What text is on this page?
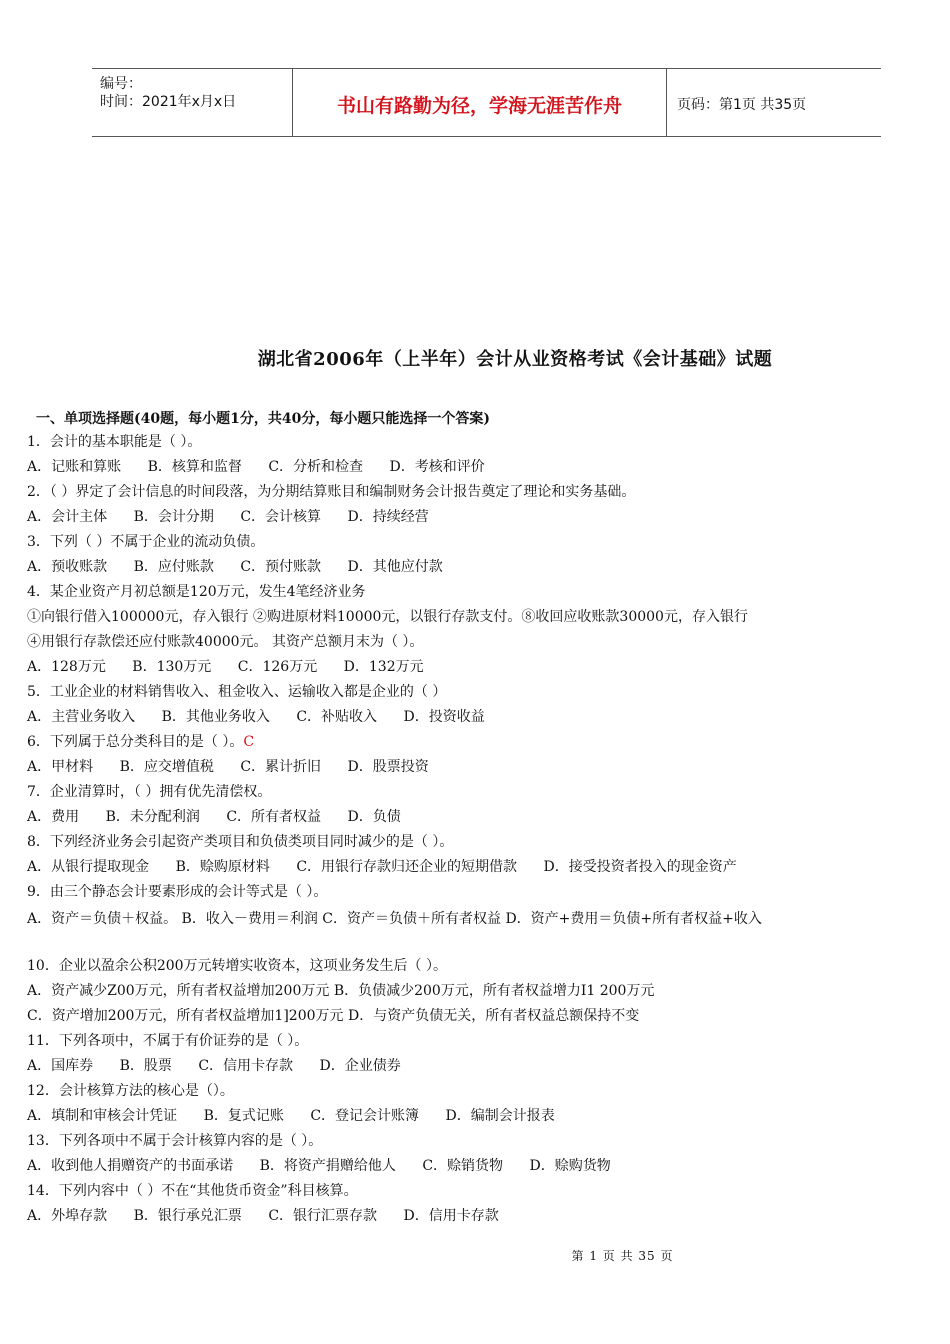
编号：
时间：2021年x月x日	书山有路勤为径，学海无涯苦作舟	页码：第1页 共35页
湖北省2006年（上半年）会计从业资格考试《会计基础》试题
一、单项选择题(40题，每小题1分，共40分，每小题只能选择一个答案)
1．会计的基本职能是（ ）。
A．记账和算账 B．核算和监督 C．分析和检查 D．考核和评价
2．（ ）界定了会计信息的时间段落，为分期结算账目和编制财务会计报告奠定了理论和实务基础。
A．会计主体 B．会计分期 C．会计核算 D．持续经营
3．下列（ ）不属于企业的流动负债。
A．预收账款 B．应付账款 C．预付账款 D．其他应付款
4．某企业资产月初总额是120万元，发生4笔经济业务
①向银行借入100000元，存入银行 ②购进原材料10000元，以银行存款支付。⑧收回应收账款30000元，存入银行
④用银行存款偿还应付账款40000元。 其资产总额月末为（ ）。
A．128万元 B．130万元 C．126万元 D．132万元
5．工业企业的材料销售收入、租金收入、运输收入都是企业的（ ）
A．主营业务收入 B．其他业务收入 C．补贴收入 D．投资收益
6．下列属于总分类科目的是（ ）。C
A．甲材料 B．应交增值税 C．累计折旧 D．股票投资
7．企业清算时，（ ）拥有优先清偿权。
A．费用 B．未分配利润 C．所有者权益 D．负债
8．下列经济业务会引起资产类项目和负债类项目同时减少的是（ ）。
A．从银行提取现金 B．赊购原材料 C．用银行存款归还企业的短期借款 D．接受投资者投入的现金资产
9．由三个静态会计要素形成的会计等式是（ ）。
A．资产＝负债＋权益。 B．收入－费用＝利润 C．资产＝负债＋所有者权益 D．资产+费用＝负债+所有者权益+收入
10．企业以盈余公积200万元转增实收资本，这项业务发生后（ ）。
A．资产减少Z00万元，所有者权益增加200万元 B．负债减少200万元，所有者权益增力I1 200万元
C．资产增加200万元，所有者权益增加1]200万元 D．与资产负债无关，所有者权益总额保持不变
11．下列各项中，不属于有价证券的是（ ）。
A．国库券 B．股票 C．信用卡存款 D．企业债券
12．会计核算方法的核心是（）。
A．填制和审核会计凭证 B．复式记账 C．登记会计账簿 D．编制会计报表
13．下列各项中不属于会计核算内容的是（ ）。
A．收到他人捐赠资产的书面承诺 B．将资产捐赠给他人 C．赊销货物 D．赊购货物
14．下列内容中（ ）不在“其他货币资金”科目核算。
A．外埠存款 B．银行承兑汇票 C．银行汇票存款 D．信用卡存款
第 1 页 共 35 页
